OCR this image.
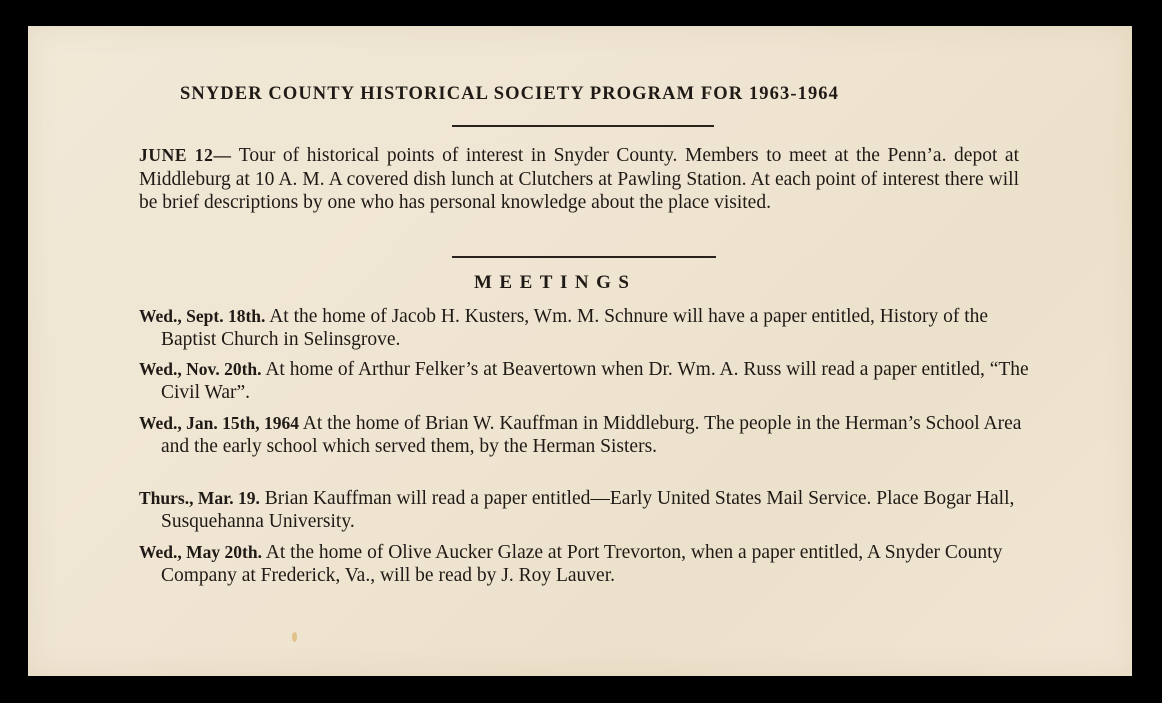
SNYDER COUNTY HISTORICAL SOCIETY PROGRAM FOR 1963-1964
JUNE 12— Tour of historical points of interest in Snyder County. Members to meet at the Penn’a. depot at Middleburg at 10 A. M. A covered dish lunch at Clutchers at Pawling Station. At each point of interest there will be brief descriptions by one who has personal knowledge about the place visited.
MEETINGS
Wed., Sept. 18th. At the home of Jacob H. Kusters, Wm. M. Schnure will have a paper entitled, History of the Baptist Church in Selinsgrove.
Wed., Nov. 20th. At home of Arthur Felker’s at Beavertown when Dr. Wm. A. Russ will read a paper entitled, “The Civil War”.
Wed., Jan. 15th, 1964 At the home of Brian W. Kauffman in Middleburg. The people in the Herman’s School Area and the early school which served them, by the Herman Sisters.
Thurs., Mar. 19. Brian Kauffman will read a paper entitled—Early United States Mail Service. Place Bogar Hall, Susquehanna University.
Wed., May 20th. At the home of Olive Aucker Glaze at Port Trevorton, when a paper entitled, A Snyder County Company at Frederick, Va., will be read by J. Roy Lauver.
